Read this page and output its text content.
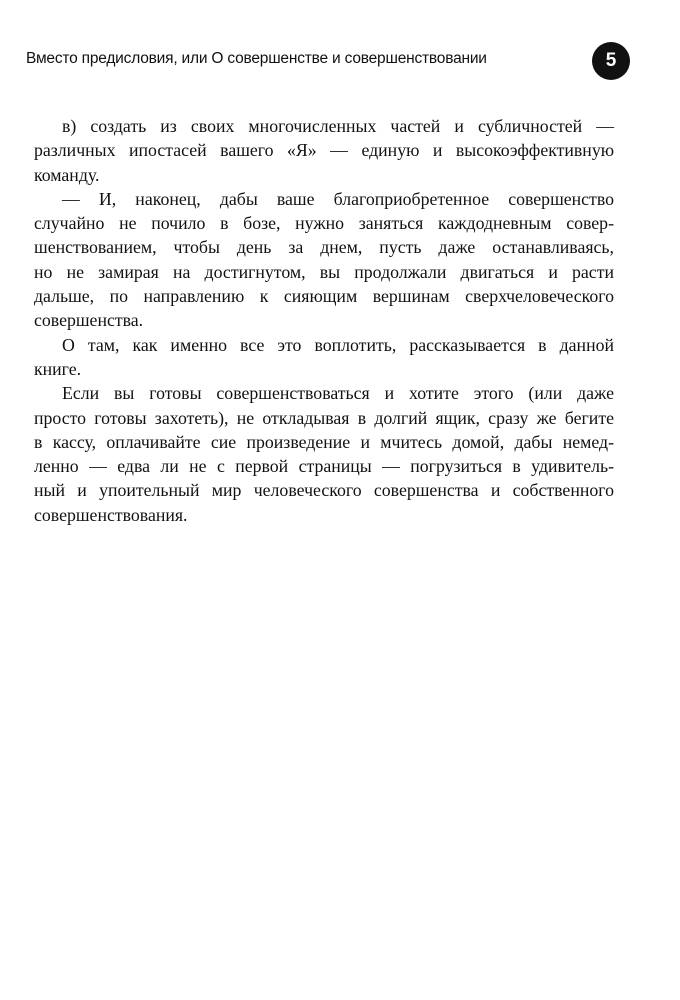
Вместо предисловия, или О совершенстве и совершенствовании	5
в) создать из своих многочисленных частей и субличностей —
различных ипостасей вашего «Я» — единую и высокоэффективную
команду.
— И, наконец, дабы ваше благоприобретенное совершенство
случайно не почило в бозе, нужно заняться каждодневным совер-
шенствованием, чтобы день за днем, пусть даже останавливаясь,
но не замирая на достигнутом, вы продолжали двигаться и расти
дальше, по направлению к сияющим вершинам сверхчеловеческого
совершенства.
О там, как именно все это воплотить, рассказывается в данной
книге.
Если вы готовы совершенствоваться и хотите этого (или даже
просто готовы захотеть), не откладывая в долгий ящик, сразу же бегите
в кассу, оплачивайте сие произведение и мчитесь домой, дабы немед-
ленно — едва ли не с первой страницы — погрузиться в удивитель-
ный и упоительный мир человеческого совершенства и собственного
совершенствования.
